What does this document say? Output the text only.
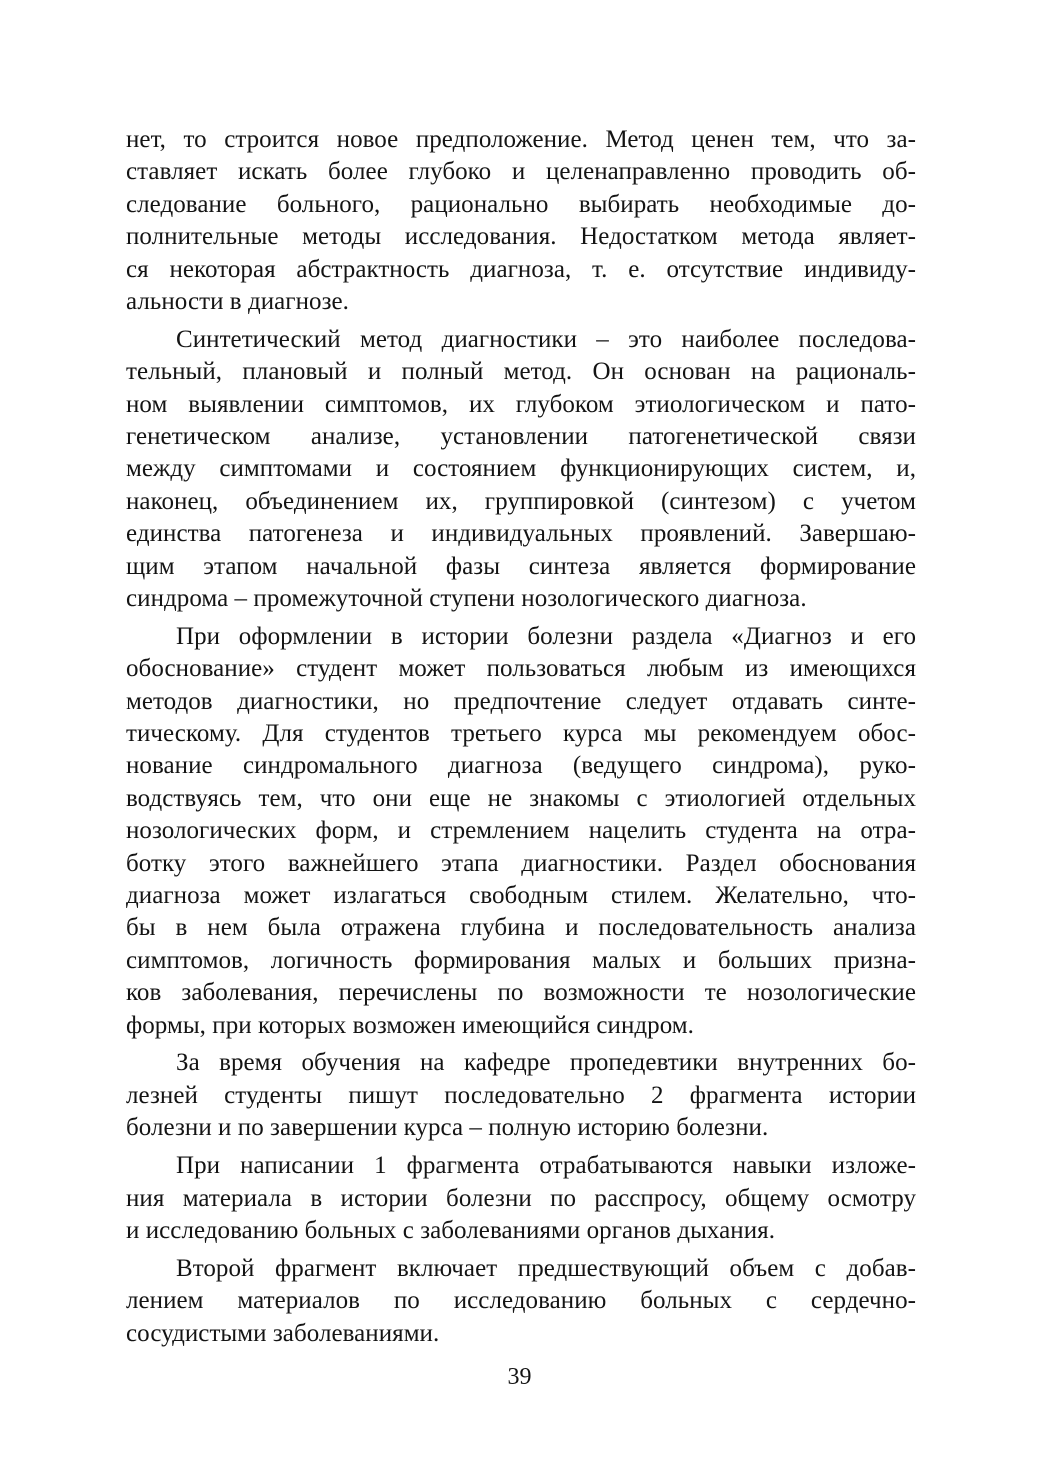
нет, то строится новое предположение. Метод ценен тем, что за-
ставляет искать более глубоко и целенаправленно проводить об-
следование больного, рационально выбирать необходимые до-
полнительные методы исследования. Недостатком метода являет-
ся некоторая абстрактность диагноза, т. е. отсутствие индивиду-
альности в диагнозе.
Синтетический метод диагностики – это наиболее последова-
тельный, плановый и полный метод. Он основан на рациональ-
ном выявлении симптомов, их глубоком этиологическом и пато-
генетическом анализе, установлении патогенетической связи
между симптомами и состоянием функционирующих систем, и,
наконец, объединением их, группировкой (синтезом) с учетом
единства патогенеза и индивидуальных проявлений. Завершаю-
щим этапом начальной фазы синтеза является формирование
синдрома – промежуточной ступени нозологического диагноза.
При оформлении в истории болезни раздела «Диагноз и его
обоснование» студент может пользоваться любым из имеющихся
методов диагностики, но предпочтение следует отдавать синте-
тическому. Для студентов третьего курса мы рекомендуем обос-
нование синдромального диагноза (ведущего синдрома), руко-
водствуясь тем, что они еще не знакомы с этиологией отдельных
нозологических форм, и стремлением нацелить студента на отра-
ботку этого важнейшего этапа диагностики. Раздел обоснования
диагноза может излагаться свободным стилем. Желательно, что-
бы в нем была отражена глубина и последовательность анализа
симптомов, логичность формирования малых и больших призна-
ков заболевания, перечислены по возможности те нозологические
формы, при которых возможен имеющийся синдром.
За время обучения на кафедре пропедевтики внутренних бо-
лезней студенты пишут последовательно 2 фрагмента истории
болезни и по завершении курса – полную историю болезни.
При написании 1 фрагмента отрабатываются навыки изложе-
ния материала в истории болезни по расспросу, общему осмотру
и исследованию больных с заболеваниями органов дыхания.
Второй фрагмент включает предшествующий объем с добав-
лением материалов по исследованию больных с сердечно-
сосудистыми заболеваниями.
39
